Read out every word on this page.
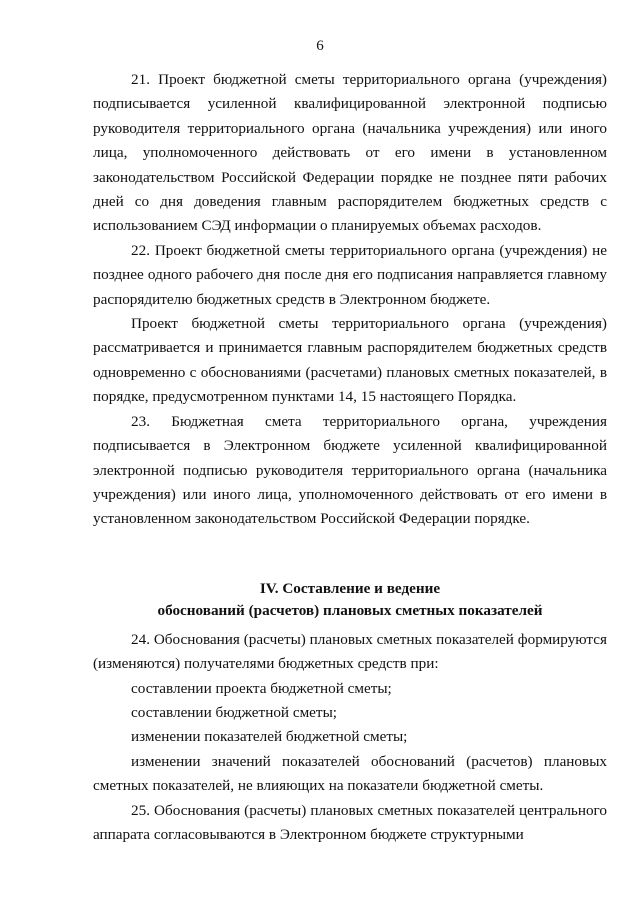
6

21. Проект бюджетной сметы территориального органа (учреждения) подписывается усиленной квалифицированной электронной подписью руководителя территориального органа (начальника учреждения) или иного лица, уполномоченного действовать от его имени в установленном законодательством Российской Федерации порядке не позднее пяти рабочих дней со дня доведения главным распорядителем бюджетных средств с использованием СЭД информации о планируемых объемах расходов.

22. Проект бюджетной сметы территориального органа (учреждения) не позднее одного рабочего дня после дня его подписания направляется главному распорядителю бюджетных средств в Электронном бюджете.

Проект бюджетной сметы территориального органа (учреждения) рассматривается и принимается главным распорядителем бюджетных средств одновременно с обоснованиями (расчетами) плановых сметных показателей, в порядке, предусмотренном пунктами 14, 15 настоящего Порядка.

23. Бюджетная смета территориального органа, учреждения подписывается в Электронном бюджете усиленной квалифицированной электронной подписью руководителя территориального органа (начальника учреждения) или иного лица, уполномоченного действовать от его имени в установленном законодательством Российской Федерации порядке.

IV. Составление и ведение

обоснований (расчетов) плановых сметных показателей

24. Обоснования (расчеты) плановых сметных показателей формируются (изменяются) получателями бюджетных средств при:

составлении проекта бюджетной сметы;

составлении бюджетной сметы;

изменении показателей бюджетной сметы;

изменении значений показателей обоснований (расчетов) плановых сметных показателей, не влияющих на показатели бюджетной сметы.

25. Обоснования (расчеты) плановых сметных показателей центрального аппарата согласовываются в Электронном бюджете структурными
